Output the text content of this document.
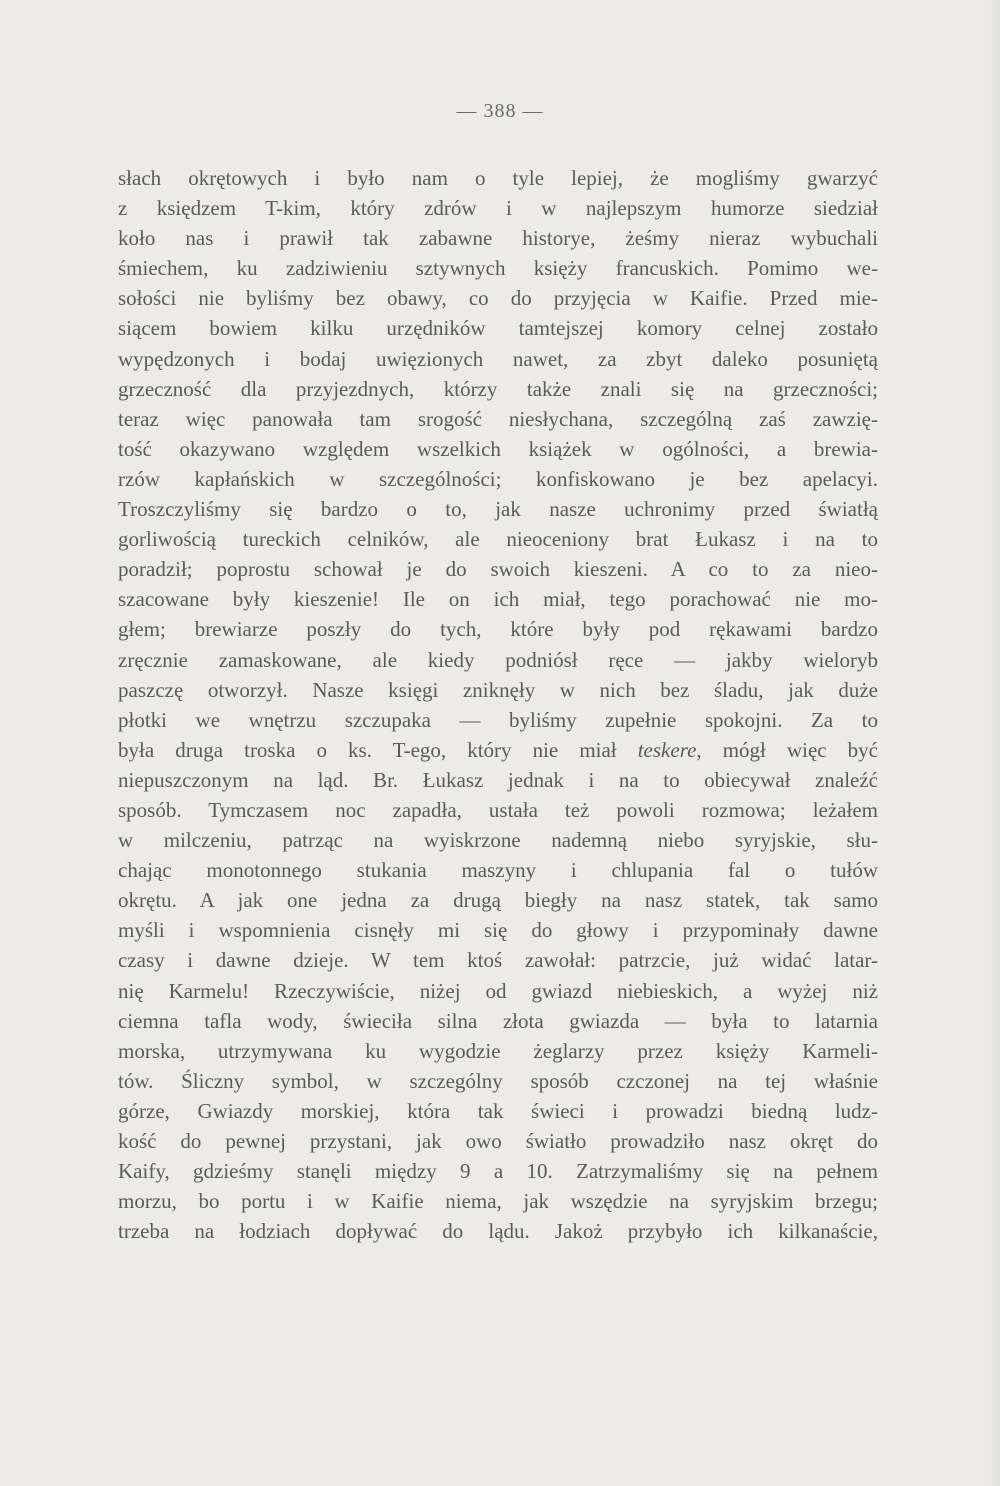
— 388 —
słach okrętowych i było nam o tyle lepiej, że mogliśmy gwarzyć
z księdzem T-kim, który zdrów i w najlepszym humorze siedział
koło nas i prawił tak zabawne historye, żeśmy nieraz wybuchali
śmiechem, ku zadziwieniu sztywnych księży francuskich. Pomimo we-
sołości nie byliśmy bez obawy, co do przyjęcia w Kaifie. Przed mie-
siącem bowiem kilku urzędników tamtejszej komory celnej zostało
wypędzonych i bodaj uwięzionych nawet, za zbyt daleko posuniętą
grzeczność dla przyjezdnych, którzy także znali się na grzeczności;
teraz więc panowała tam srogość niesłychana, szczególną zaś zawzię-
tość okazywano względem wszelkich książek w ogólności, a brewia-
rzów kapłańskich w szczególności; konfiskowano je bez apelacyi.
Troszczyliśmy się bardzo o to, jak nasze uchronimy przed światłą
gorliwością tureckich celników, ale nieoceniony brat Łukasz i na to
poradził; poprostu schował je do swoich kieszeni. A co to za nieo-
szacowane były kieszenie! Ile on ich miał, tego porachować nie mo-
głem; brewiarze poszły do tych, które były pod rękawami bardzo
zręcznie zamaskowane, ale kiedy podniósł ręce — jakby wieloryb
paszczę otworzył. Nasze księgi zniknęły w nich bez śladu, jak duże
płotki we wnętrzu szczupaka — byliśmy zupełnie spokojni. Za to
była druga troska o ks. T-ego, który nie miał teskere, mógł więc być
niepuszczonym na ląd. Br. Łukasz jednak i na to obiecywał znaleźć
sposób. Tymczasem noc zapadła, ustała też powoli rozmowa; leżałem
w milczeniu, patrząc na wyiskrzone nademną niebo syryjskie, słu-
chając monotonnego stukania maszyny i chlupania fal o tułów
okrętu. A jak one jedna za drugą biegły na nasz statek, tak samo
myśli i wspomnienia cisnęły mi się do głowy i przypominały dawne
czasy i dawne dzieje. W tem ktoś zawołał: patrzcie, już widać latar-
nię Karmelu! Rzeczywiście, niżej od gwiazd niebieskich, a wyżej niż
ciemna tafla wody, świeciła silna złota gwiazda — była to latarnia
morska, utrzymywana ku wygodzie żeglarzy przez księży Karmeli-
tów. Śliczny symbol, w szczególny sposób czczonej na tej właśnie
górze, Gwiazdy morskiej, która tak świeci i prowadzi biedną ludz-
kość do pewnej przystani, jak owo światło prowadziło nasz okręt do
Kaify, gdzieśmy stanęli między 9 a 10. Zatrzymaliśmy się na pełnem
morzu, bo portu i w Kaifie niema, jak wszędzie na syryjskim brzegu;
trzeba na łodziach dopływać do lądu. Jakoż przybyło ich kilkanaście,
